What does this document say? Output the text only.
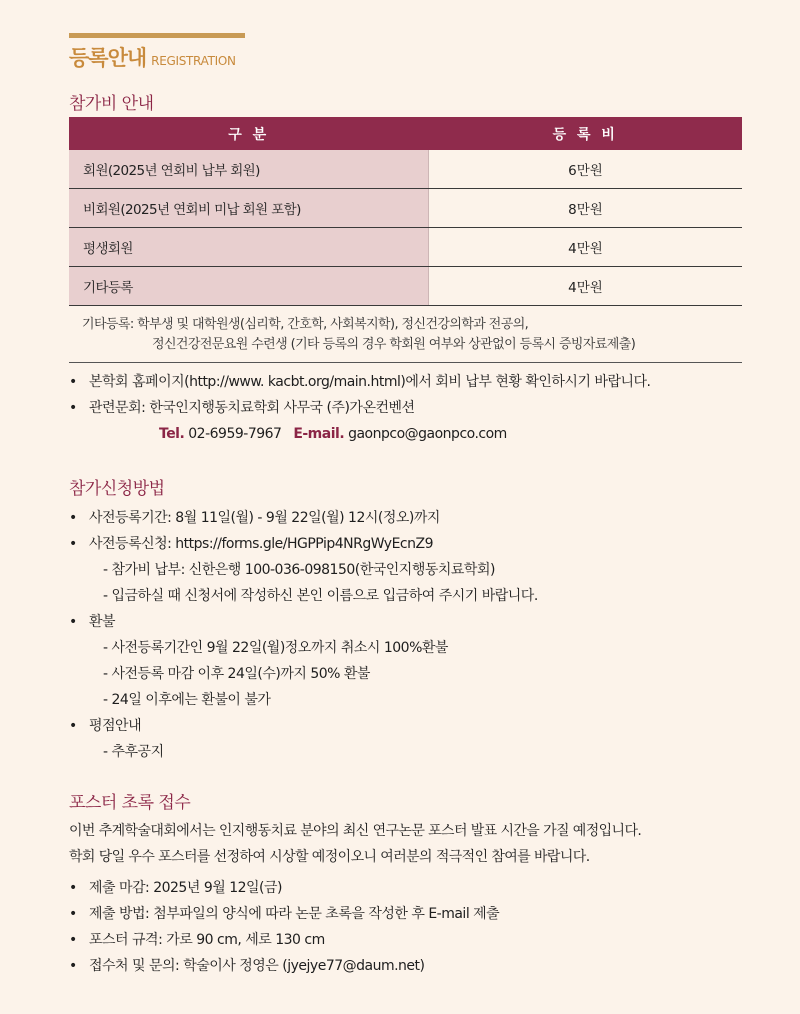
등록안내 REGISTRATION
참가비 안내
구 분	등 록 비
회원(2025년 연회비 납부 회원)	6만원
비회원(2025년 연회비 미납 회원 포함)	8만원
평생회원	4만원
기타등록	4만원
기타등록: 학부생 및 대학원생(심리학, 간호학, 사회복지학), 정신건강의학과 전공의,
정신건강전문요원 수련생 (기타 등록의 경우 학회원 여부와 상관없이 등록시 증빙자료제출)
• 본학회 홈페이지(http://www. kacbt.org/main.html)에서 회비 납부 현황 확인하시기 바랍니다.
• 관련문회: 한국인지행동치료학회 사무국 (주)가온컨벤션
Tel. 02-6959-7967 E-mail. gaonpco@gaonpco.com
참가신청방법
• 사전등록기간: 8월 11일(월) - 9월 22일(월) 12시(정오)까지
• 사전등록신청: https://forms.gle/HGPPip4NRgWyEcnZ9
- 참가비 납부: 신한은행 100-036-098150(한국인지행동치료학회)
- 입금하실 때 신청서에 작성하신 본인 이름으로 입금하여 주시기 바랍니다.
• 환불
- 사전등록기간인 9월 22일(월)정오까지 취소시 100%환불
- 사전등록 마감 이후 24일(수)까지 50% 환불
- 24일 이후에는 환불이 불가
• 평점안내
- 추후공지
포스터 초록 접수
이번 추계학술대회에서는 인지행동치료 분야의 최신 연구논문 포스터 발표 시간을 가질 예정입니다.
학회 당일 우수 포스터를 선정하여 시상할 예정이오니 여러분의 적극적인 참여를 바랍니다.
• 제출 마감: 2025년 9월 12일(금)
• 제출 방법: 첨부파일의 양식에 따라 논문 초록을 작성한 후 E-mail 제출
• 포스터 규격: 가로 90 cm, 세로 130 cm
• 접수처 및 문의: 학술이사 정영은 (jyejye77@daum.net)
